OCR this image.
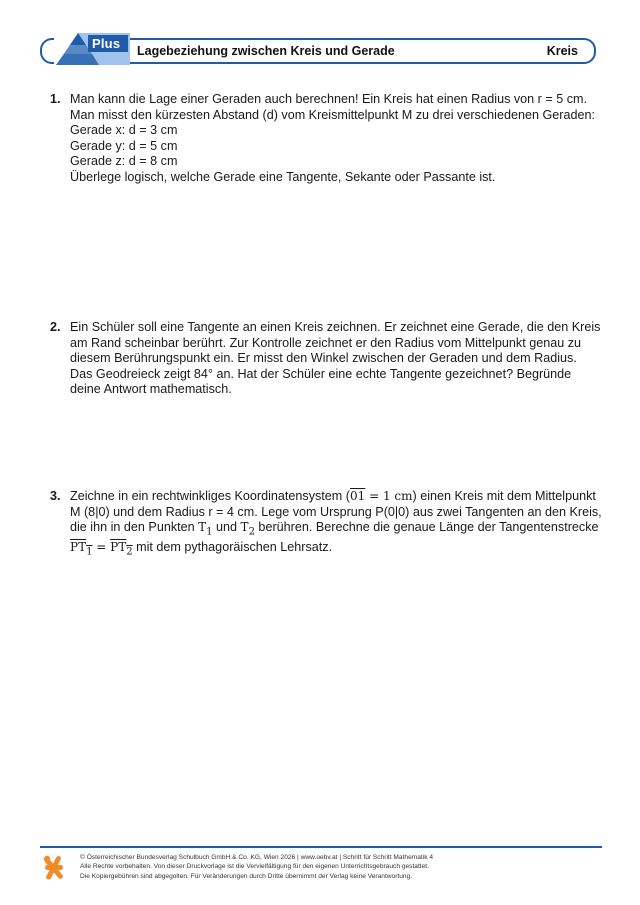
Plus Lagebeziehung zwischen Kreis und Gerade	Kreis
1. Man kann die Lage einer Geraden auch berechnen! Ein Kreis hat einen Radius von r = 5 cm.
Man misst den kürzesten Abstand (d) vom Kreismittelpunkt M zu drei verschiedenen Geraden:
Gerade x: d = 3 cm
Gerade y: d = 5 cm
Gerade z: d = 8 cm
Überlege logisch, welche Gerade eine Tangente, Sekante oder Passante ist.
2. Ein Schüler soll eine Tangente an einen Kreis zeichnen. Er zeichnet eine Gerade, die den Kreis am Rand scheinbar berührt. Zur Kontrolle zeichnet er den Radius vom Mittelpunkt genau zu diesem Berührungspunkt ein. Er misst den Winkel zwischen der Geraden und dem Radius. Das Geodreieck zeigt 84° an. Hat der Schüler eine echte Tangente gezeichnet? Begründe deine Antwort mathematisch.
3. Zeichne in ein rechtwinkliges Koordinatensystem (01 = 1 cm) einen Kreis mit dem Mittelpunkt M (8|0) und dem Radius r = 4 cm. Lege vom Ursprung P(0|0) aus zwei Tangenten an den Kreis, die ihn in den Punkten $T_1$ und $T_2$ berühren. Berechne die genaue Länge der Tangentenstrecke $PT_1 = PT_2$ mit dem pythagoräischen Lehrsatz.
© Österreichischer Bundesverlag Schulbuch GmbH & Co. KG, Wien 2026 | www.oebv.at | Schritt für Schritt Mathematik 4
Alle Rechte vorbehalten. Von dieser Druckvorlage ist die Vervielfältigung für den eigenen Unterrichtsgebrauch gestattet.
Die Kopiergebühren sind abgegolten. Für Veränderungen durch Dritte übernimmt der Verlag keine Verantwortung.
